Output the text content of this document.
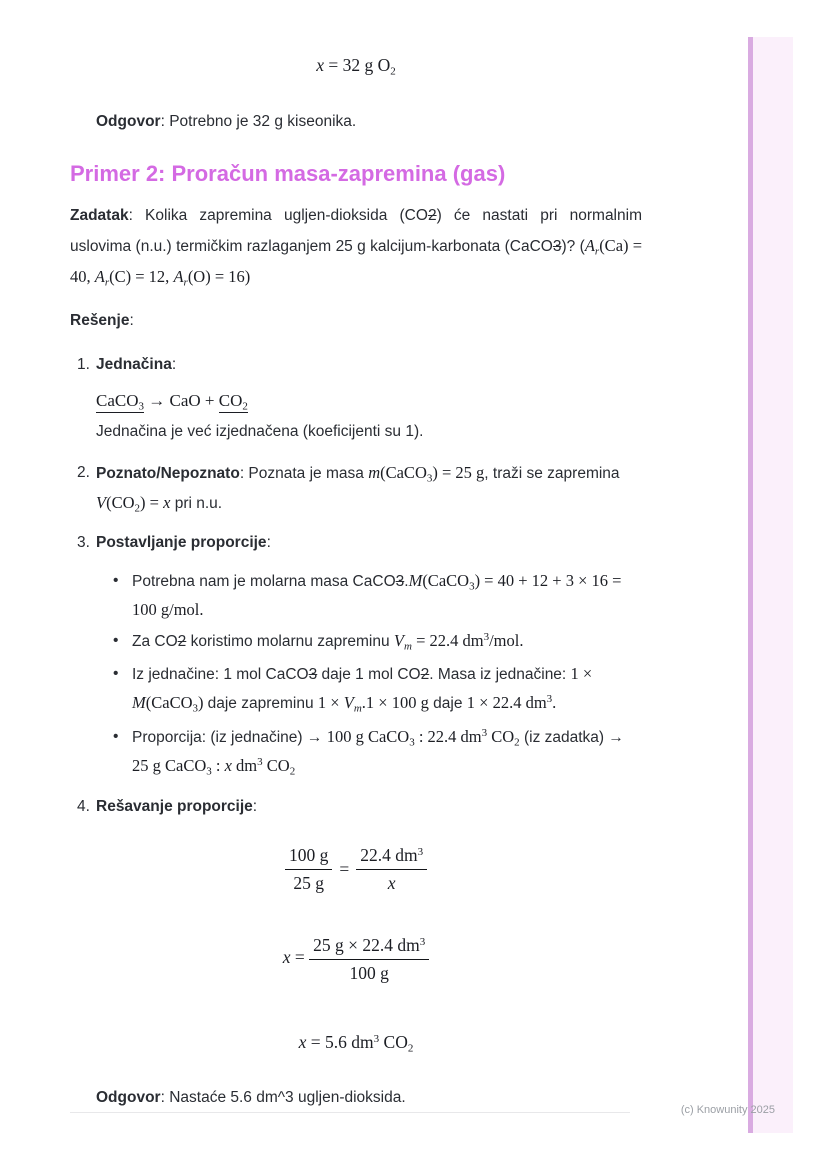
x = 32 g $O_2$
Odgovor: Potrebno je 32 g kiseonika.
Primer 2: Proračun masa-zapremina (gas)
Zadatak: Kolika zapremina ugljen-dioksida (CO2) će nastati pri normalnim uslovima (n.u.) termičkim razlaganjem 25 g kalcijum-karbonata (CaCO3)? ($A_r(Ca) = 40$, $A_r(C) = 12$, $A_r(O) = 16$)
Rešenje:
1. Jednačina:
CaCO$_3$ → CaO + $CO_2$
Jednačina je već izjednačena (koeficijenti su 1).
2. Poznato/Nepoznato: Poznata je masa m(CaCO$_3$) = 25 g, traži se zapremina $V(CO_2) = x$ pri n.u.
3. Postavljanje proporcije:
• Potrebna nam je molarna masa CaCO3.M(CaCO$_3$) = 40 + 12 + 3 × 16 = 100 g/mol.
• Za CO2 koristimo molarnu zapreminu $V_m = 22.4$ $dm^3$/mol.
• Iz jednačine: 1 mol CaCO3 daje 1 mol CO2. Masa iz jednačine: 1 × M(CaCO$_3$) daje zapreminu $1 \times V_m.1 \times 100$ g daje 1 × 22.4 $dm^3$.
• Proporcija: (iz jednačine) → 100 g CaCO$_3$ : 22.4 $dm^3$ $CO_2$ (iz zadatka) → 25 g CaCO$_3$ : x $dm^3$ $CO_2$
4. Rešavanje proporcije:
$\frac{100 g}{25 g} = \frac{22.4 dm^3}{x}$
$x = \frac{25 g \times 22.4 dm^3}{100 g}$
x = 5.6 $dm^3$ $CO_2$
Odgovor: Nastaće 5.6 dm^3 ugljen-dioksida.
(c) Knowunity 2025
